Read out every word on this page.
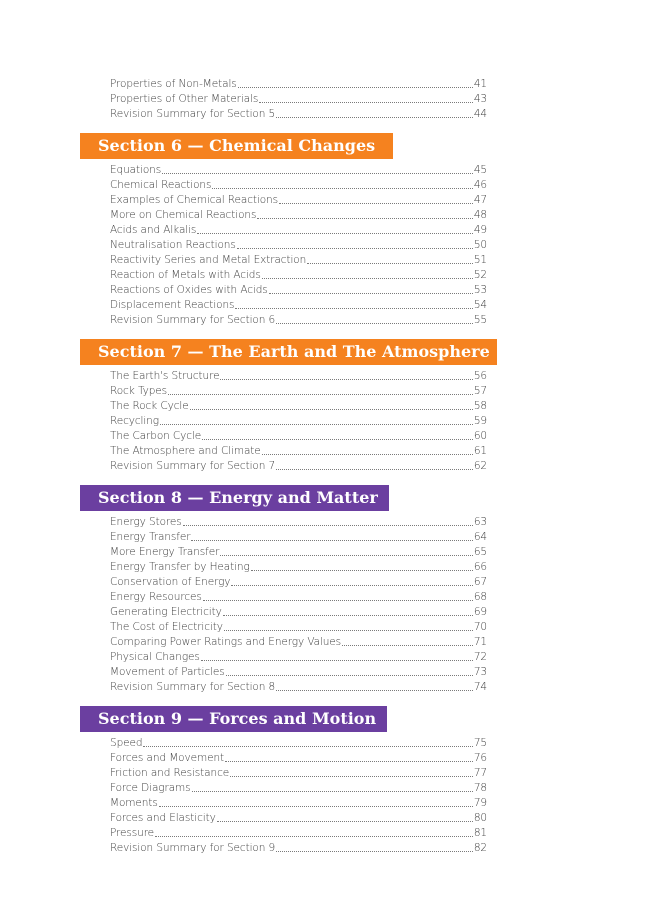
Properties of Non-Metals	41
Properties of Other Materials	43
Revision Summary for Section 5	44
Section 6 — Chemical Changes
Equations	45
Chemical Reactions	46
Examples of Chemical Reactions	47
More on Chemical Reactions	48
Acids and Alkalis	49
Neutralisation Reactions	50
Reactivity Series and Metal Extraction	51
Reaction of Metals with Acids	52
Reactions of Oxides with Acids	53
Displacement Reactions	54
Revision Summary for Section 6	55
Section 7 — The Earth and The Atmosphere
The Earth's Structure	56
Rock Types	57
The Rock Cycle	58
Recycling	59
The Carbon Cycle	60
The Atmosphere and Climate	61
Revision Summary for Section 7	62
Section 8 — Energy and Matter
Energy Stores	63
Energy Transfer	64
More Energy Transfer	65
Energy Transfer by Heating	66
Conservation of Energy	67
Energy Resources	68
Generating Electricity	69
The Cost of Electricity	70
Comparing Power Ratings and Energy Values	71
Physical Changes	72
Movement of Particles	73
Revision Summary for Section 8	74
Section 9 — Forces and Motion
Speed	75
Forces and Movement	76
Friction and Resistance	77
Force Diagrams	78
Moments	79
Forces and Elasticity	80
Pressure	81
Revision Summary for Section 9	82
